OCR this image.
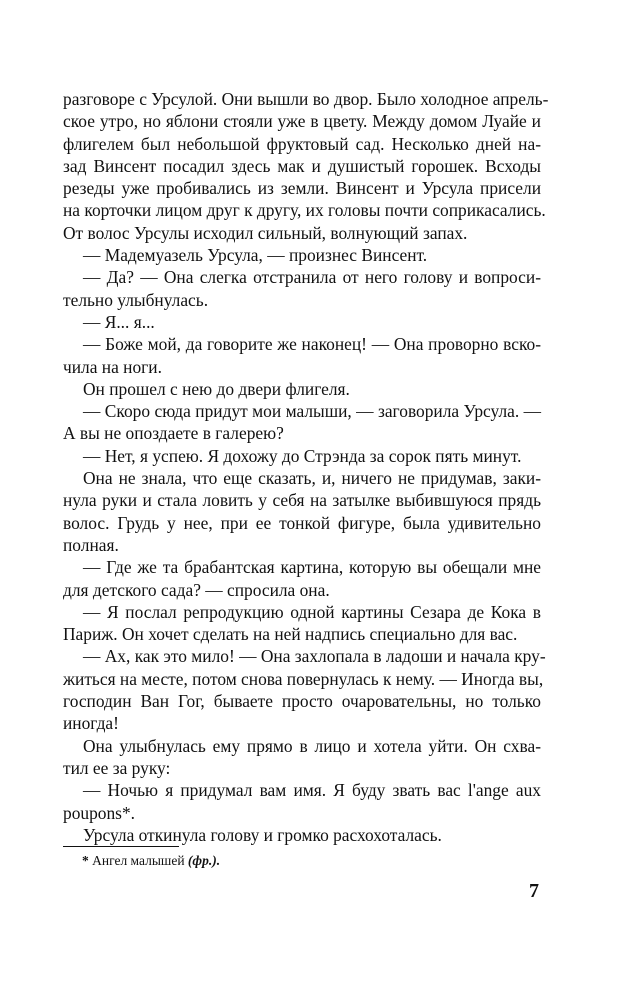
разговоре с Урсулой. Они вышли во двор. Было холодное апрель-
ское утро, но яблони стояли уже в цвету. Между домом Луайе и
флигелем был небольшой фруктовый сад. Несколько дней на-
зад Винсент посадил здесь мак и душистый горошек. Всходы
резеды уже пробивались из земли. Винсент и Урсула присели
на корточки лицом друг к другу, их головы почти соприкасались.
От волос Урсулы исходил сильный, волнующий запах.
— Мадемуазель Урсула, — произнес Винсент.
— Да? — Она слегка отстранила от него голову и вопроси-
тельно улыбнулась.
— Я... я...
— Боже мой, да говорите же наконец! — Она проворно вско-
чила на ноги.
Он прошел с нею до двери флигеля.
— Скоро сюда придут мои малыши, — заговорила Урсула. —
А вы не опоздаете в галерею?
— Нет, я успею. Я дохожу до Стрэнда за сорок пять минут.
Она не знала, что еще сказать, и, ничего не придумав, заки-
нула руки и стала ловить у себя на затылке выбившуюся прядь
волос. Грудь у нее, при ее тонкой фигуре, была удивительно
полная.
— Где же та брабантская картина, которую вы обещали мне
для детского сада? — спросила она.
— Я послал репродукцию одной картины Сезара де Кока в
Париж. Он хочет сделать на ней надпись специально для вас.
— Ах, как это мило! — Она захлопала в ладоши и начала кру-
житься на месте, потом снова повернулась к нему. — Иногда вы,
господин Ван Гог, бываете просто очаровательны, но только
иногда!
Она улыбнулась ему прямо в лицо и хотела уйти. Он схва-
тил ее за руку:
— Ночью я придумал вам имя. Я буду звать вас l'ange aux
poupons*.
Урсула откинула голову и громко расхохоталась.
* Ангел малышей (фр.).
7
